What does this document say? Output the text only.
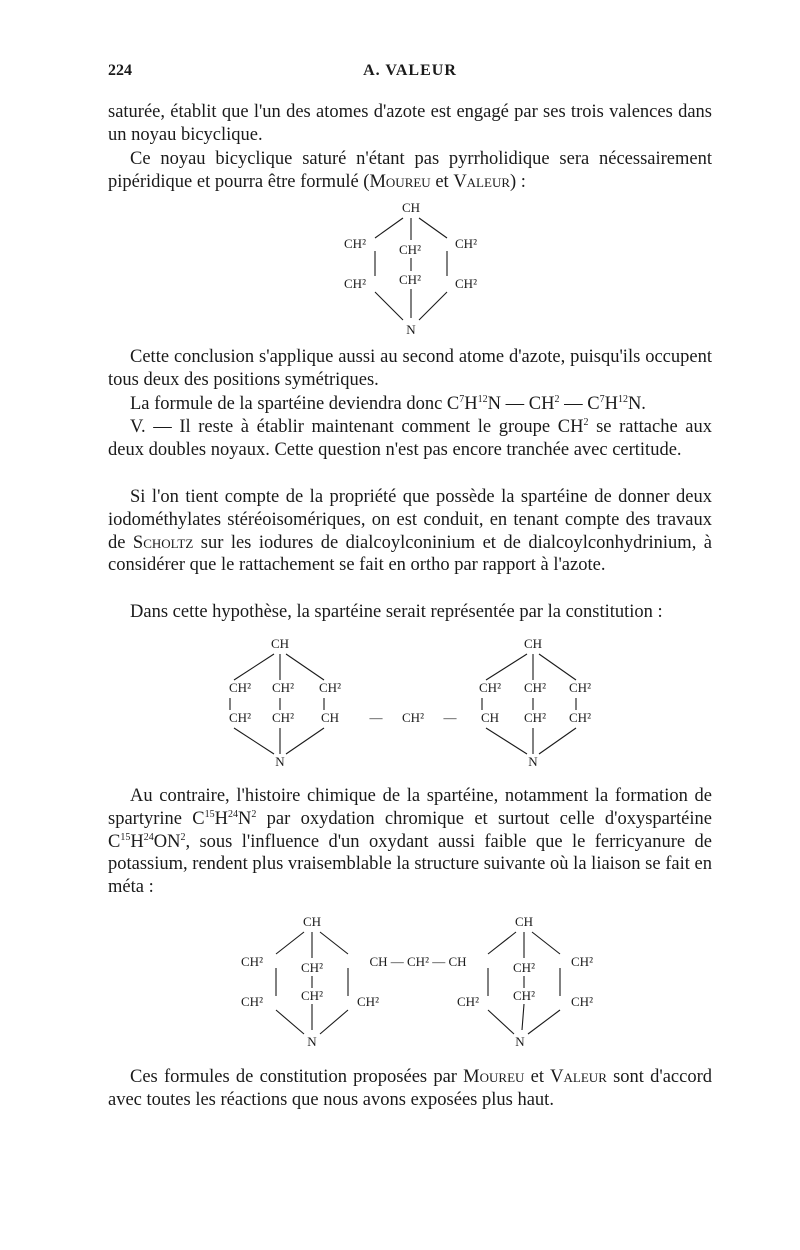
224	A. VALEUR

saturée, établit que l'un des atomes d'azote est engagé par ses trois valences dans un noyau bicyclique.

Ce noyau bicyclique saturé n'étant pas pyrrholidique sera nécessairement pipéridique et pourra être formulé (Moureu et Valeur) :

CH
CH²	CH²	CH²
CH²
CH²	CH²
N

Cette conclusion s'applique aussi au second atome d'azote, puisqu'ils occupent tous deux des positions symétriques.

La formule de la spartéine deviendra donc $C^7H^{12}N$ — $CH^2$ — $C^7H^{12}N$.

V. — Il reste à établir maintenant comment le groupe $CH^2$ se rattache aux deux doubles noyaux. Cette question n'est pas encore tranchée avec certitude.

Si l'on tient compte de la propriété que possède la spartéine de donner deux iodométhylates stéréoisomériques, on est conduit, en tenant compte des travaux de Scholtz sur les iodures de dialcoylconinium et de dialcoylconhydrinium, à considérer que le rattachement se fait en ortho par rapport à l'azote.

Dans cette hypothèse, la spartéine serait représentée par la constitution :

CH
CH² CH² CH²
CH² CH² CH
N
— CH² —
CH
CH² CH² CH²
CH CH² CH²
N

Au contraire, l'histoire chimique de la spartéine, notamment la formation de spartyrine $C^{15}H^{24}N^2$ par oxydation chromique et surtout celle d'oxyspartéine $C^{15}H^{24}ON^2$, sous l'influence d'un oxydant aussi faible que le ferricyanure de potassium, rendent plus vraisemblable la structure suivante où la liaison se fait en méta :

CH
CH²	CH²
CH²	CH²	CH²
N
CH — CH² — CH
CH
CH²	CH²
CH²	CH²	CH²
N

Ces formules de constitution proposées par Moureu et Valeur sont d'accord avec toutes les réactions que nous avons exposées plus haut.
